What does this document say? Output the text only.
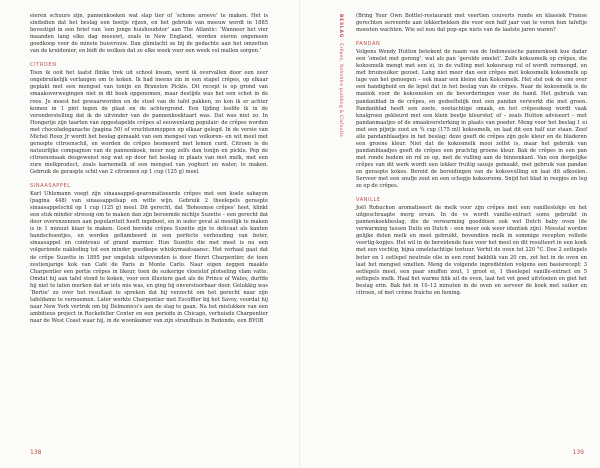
eieren schuurs zijn, pannenkoeken wat slap tier of ‘schone aroeve’ te maken. Het is sindsdien dat het beslag een boetje rijzen, en het gebruik van meeuw wordt in 1885 bevestigd in een brief van ‘een jonge huishoudster’ aan The Atlantic: ‘Wanneer het vier maanden lang elke dag meeuwt, zoals in New England, worden eieren ongemeen goedkoop voor de minste huisvrouw. Dan glimlacht ze bij de gedachte aan het omzetten van de kruidenier, en bidt de wolken dat ze elke week voor een week vol mallen sorgen.’

CITROEN

Toen ik ooit het laatst flinke trek uit school kwam, werd ik overvallen door een zeer ongebruikelijk verlangen om te koken. Ik had ineens zin in een stapel crêpes, op elkaar geplakt met een mengsel van tonijn en Branston Pickle. Dit recept is op grond van smaakoverwegingen niet in dit boek opgenomen, maar destijds was het een schot in de roos. Je moest het gewaarworden en de stoel van de tafel pakken, zo kon ik er achter komen in 1 pint tegen de plaat en de achtergrond. Een tijding leefde ik in de veronderstelling dat ik de uitvinder van de pannenkoektaart was. Dat was niet zo. In Hongarije zijn taarten van opgestapelde crêpes al eeuwenlang populair: de crêpes worden met chocoladeganache (pagina 50) of vruchtenmoppen op elkaar gelegd. In de versie van Michel Roux Jr wordt het beslag gemaakt van een mengsel van volkoren- en wit meel met geraspte citroenschil, en worden de crêpes besmeerd met lemon curd. Citroen is de natuurlijke compagnon van de pannenkoek, meer nog zelfs dan tonijn en pickle. Pep de citroensmaak desgewenst nog wat op door het beslag in plaats van met melk, met een zure melkproduct, zoals karnemelk of een mengsel van yoghurt en water, te maken. Gebruik de geraspte schil van 2 citroenen op 1 cup (125 g) meel.

SINAASAPPEL

Karl Uhlemann voegt zijn sinaasappel-gearomatiseerde crêpes met een koele sabayon (pagina 448) van sinaasappelsap en witte wijn. Gebruik 2 theelepels geraspte sinaasappelschil op 1 cup (125 g) meel. Dit gerecht, dat ‘Boheemse crêpes’ heet, klinkt een stuk minder stressig om te maken dan zijn beroemde nichtje Suzette – een gerecht dat door overenzonnen aan populariteit heeft ingeboet, en in ieder geval al moeilijk te maken is in 1 minuut klaar te maken. Goed bereide crêpes Suzette zijn te delicaat als kanten handschoentjes, en worden geflambeerd in een perfecte verhouding van boter, sinaasappel en cointreau of grand marnier. Hun Suzette die met meel is nu een volgeriende nakleding tot een minder goedkope whiskymaatsaansc. Het verhaal gaat dat de crêpe Suzette in 1895 per ongeluk uitgevonden is door Henri Charpentier, de toen zestienjarige kok van Café de Paris in Monte Carlo. Naar eigen zeggen maakte Charpentier een portie crêpes in likeur, toen de suikerige vloeistof plotseling vlam vatte. Omdat hij aan tafel stond te koken, voor een illustere gast als de Prince of Wales, durfde hij niet te laten merken dat er iets mis was, en ging hij onverstoorbaar door. Gelukkig was ‘Bertie’ zo over het resultaat te spreken dat hij verzocht om het gerecht naar zijn tafeldame te vernoemen. Later werkte Charpentier met Escoffier bij het Savoy, voordat hij naar New York vertrok om bij Delmonico’s aan de slag te gaan. Na het mislukken van een ambitieus project in Rockefeller Center en een periode in Chicago, verhuisde Charpentier naar de West Coast waar hij, in de woonkamer van zijn strandhuis in Redondo, een BYOB

138
BESLAG · Crêpes, Yorkshire pudding & Clafoutis

(Bring Your Own Bottle)-restaurant met veertien couverts runde en klassiek Franse gerechten serveerde aan lekkerbekken die voor een half jaar van te voren hun tafeltje moesten wachten. Wie sel nou dat pop-ups niets van de laatste jaren waren?

PANDAN

Volgens Wendy Hutton betekent de naam van de Indonesische pannenkoek kue dadar een ‘omelet met goreng’, wat als pan ‘gerolde omelet’. Zelfs kokosmelk op crêpes, die kokosmelk mengt met een ei, in de vulling met kokosrasp rol of wordt vermengd, en met bruinsuiker gezoet. Lang niet meer dan een crêpes met kokosmelk kokosmelk op lage van het genoegen – ook maar een kleine dan Kokosmelk. Het stel ook de ene over een handigheid en de lepel dat in het beslag van de crêpes. Naar de kokosmelk is de maniok voor de kokosnoten en de bevorderingen voor de hand. Het gebruik van pandanblad in de crêpes, en gedeeltelijk met een pandan verwerkt die met groen. Pandanblad heeft een zoete, nootachtige smaak, en het crêpesdeeg wordt vaak knalgroen gekleurd met een klein beetje kleurstof, of – zoals Hutton adviseert – met pandanmaatjes of de smaakversterking in plaats van poeder. Meng voor het beslag 1 ei met een pijntje zout en ¾ cup (175 ml) kokosmelk, en laat dit een half uur staan. Zeef alle pandanblaadjes in het beslag; deze geeft de crêpes zijn gele kleur en de bladeren een groene kleur. Niet dat de kokosmelk mooi zelfst is, maar het gebruik van pandanblaadjes geeft de crêpes een prachtig groene kleur. Bak de crêpes in een pan met ronde bodem en rol ze op, met de vulling aan de binnenkant. Van een dergelijke crêpes van dit werk wordt een lekker fruitig sausje gemaakt, met gebruik van pandan en geraspte kokos. Bereid de bereidingen van de kokosvulling en laat dit afkoelen. Serveer met een snufje zout en een schepje kokosroom. Snijd het blad in reepjes en leg ze op de crêpes.

VANILLE

Joël Robuchon aromatiseert de melk voor zijn crêpes met een vanillestokje en het uitgeschraapte merg ervan. In de vs wordt vanille-extract soms gebruikt in pannenkoekbeslag, die de verwarming goeddoen ook wel Dutch baby oven (de verwarming tussen Duits en Dutch – een meer ook weer identiek zijn). Meestal worden gelijke delen melk en meel gebruikt, bovendien melk in sommige recepten vollede veertig-kopjes. Het wil in de bereidende fase voor het meel en dit resulteert in een koek met een vochtig, bijna omeletachtige textuur. Verhit de oven tot 220 °C. Doe 2 eetlepels boter en 1 eetlepel neutrale olie in een rond bakblik van 20 cm, zet het in de oven en laat het mengsel smelten. Meng de volgende ingrediënten volgens een basisrecept: 3 eetlepels meel, een paar snuffen zout, 1 groot ei, 1 theelepel vanille-extract en 5 eetlepels melk. Haal het warme blik uit de oven, laat het vet goed uitvloeien en giet het beslag erin. Bak het in 10–12 minuten in de oven en serveer de koek met suiker en citroen, of met crème fraîche en honing.

139
